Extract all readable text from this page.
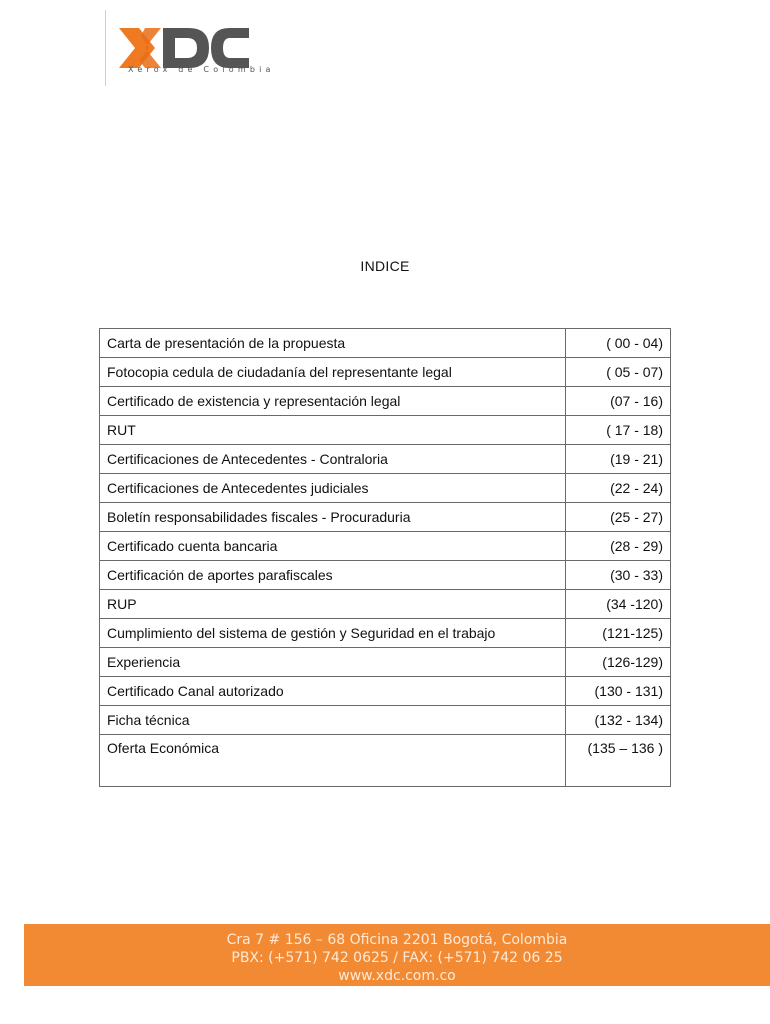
Xerox de Colombia
INDICE
Carta de presentación de la propuesta	( 00 - 04)
Fotocopia cedula de ciudadanía del representante legal	( 05 - 07)
Certificado de existencia y representación legal	(07 - 16)
RUT	( 17 - 18)
Certificaciones de Antecedentes - Contraloria	(19 - 21)
Certificaciones de Antecedentes judiciales	(22 - 24)
Boletín responsabilidades fiscales - Procuraduria	(25 - 27)
Certificado cuenta bancaria	(28 - 29)
Certificación de aportes parafiscales	(30 - 33)
RUP	(34 -120)
Cumplimiento del sistema de gestión y Seguridad en el trabajo	(121-125)
Experiencia	(126-129)
Certificado Canal autorizado	(130 - 131)
Ficha técnica	(132 - 134)
Oferta Económica	(135 – 136 )
Cra 7 # 156 – 68 Oficina 2201 Bogotá, Colombia
PBX: (+571) 742 0625 / FAX: (+571) 742 06 25
www.xdc.com.co
